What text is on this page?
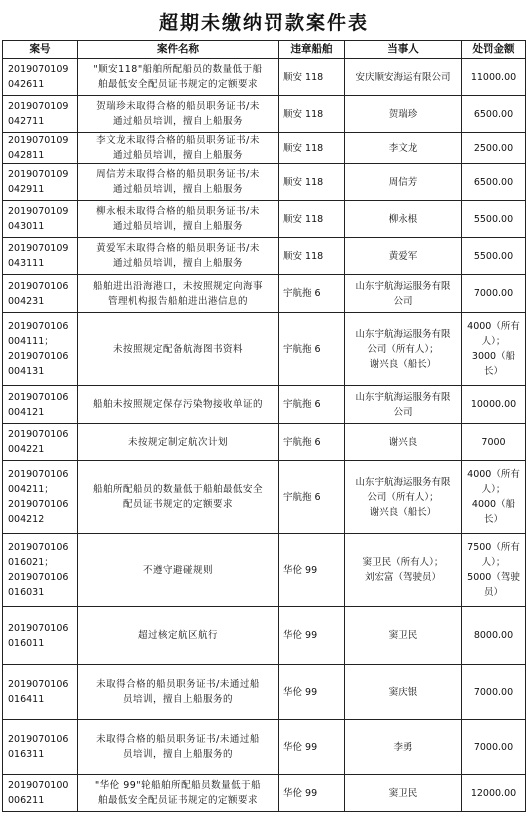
超期未缴纳罚款案件表
案号	案件名称	违章船舶	当事人	处罚金额

2019070109
042611	"顺安118"船舶所配船员的数量低于船
舶最低安全配员证书规定的定额要求	顺安 118	安庆顺安海运有限公司	11000.00

2019070109
042711	贺瑞珍未取得合格的船员职务证书/未
通过船员培训，擅自上船服务	顺安 118	贺瑞珍	6500.00

2019070109
042811	李文龙未取得合格的船员职务证书/未
通过船员培训，擅自上船服务	顺安 118	李文龙	2500.00

2019070109
042911	周信芳未取得合格的船员职务证书/未
通过船员培训，擅自上船服务	顺安 118	周信芳	6500.00

2019070109
043011	柳永根未取得合格的船员职务证书/未
通过船员培训，擅自上船服务	顺安 118	柳永根	5500.00

2019070109
043111	黄爱军未取得合格的船员职务证书/未
通过船员培训，擅自上船服务	顺安 118	黄爱军	5500.00

2019070106
004231	船舶进出沿海港口，未按照规定向海事
管理机构报告船舶进出港信息的	宇航拖 6	山东宇航海运服务有限
公司	7000.00

2019070106
004111；
2019070106
004131	未按照规定配备航海图书资料	宇航拖 6	山东宇航海运服务有限
公司（所有人）；
谢兴良（船长）	4000（所有
人）；
3000（船
长）

2019070106
004121	船舶未按照规定保存污染物接收单证的	宇航拖 6	山东宇航海运服务有限
公司	10000.00

2019070106
004221	未按规定制定航次计划	宇航拖 6	谢兴良	7000

2019070106
004211；
2019070106
004212	船舶所配船员的数量低于船舶最低安全
配员证书规定的定额要求	宇航拖 6	山东宇航海运服务有限
公司（所有人）；
谢兴良（船长）	4000（所有
人）；
4000（船
长）

2019070106
016021；
2019070106
016031	不遵守避碰规则	华伦 99	窦卫民（所有人）；
刘宏富（驾驶员）	7500（所有
人）；
5000（驾驶
员）

2019070106
016011	超过核定航区航行	华伦 99	窦卫民	8000.00

2019070106
016411	未取得合格的船员职务证书/未通过船
员培训，擅自上船服务的	华伦 99	窦庆银	7000.00

2019070106
016311	未取得合格的船员职务证书/未通过船
员培训，擅自上船服务的	华伦 99	李勇	7000.00

2019070100
006211	"华伦 99"轮船舶所配船员数量低于船
舶最低安全配员证书规定的定额要求	华伦 99	窦卫民	12000.00
